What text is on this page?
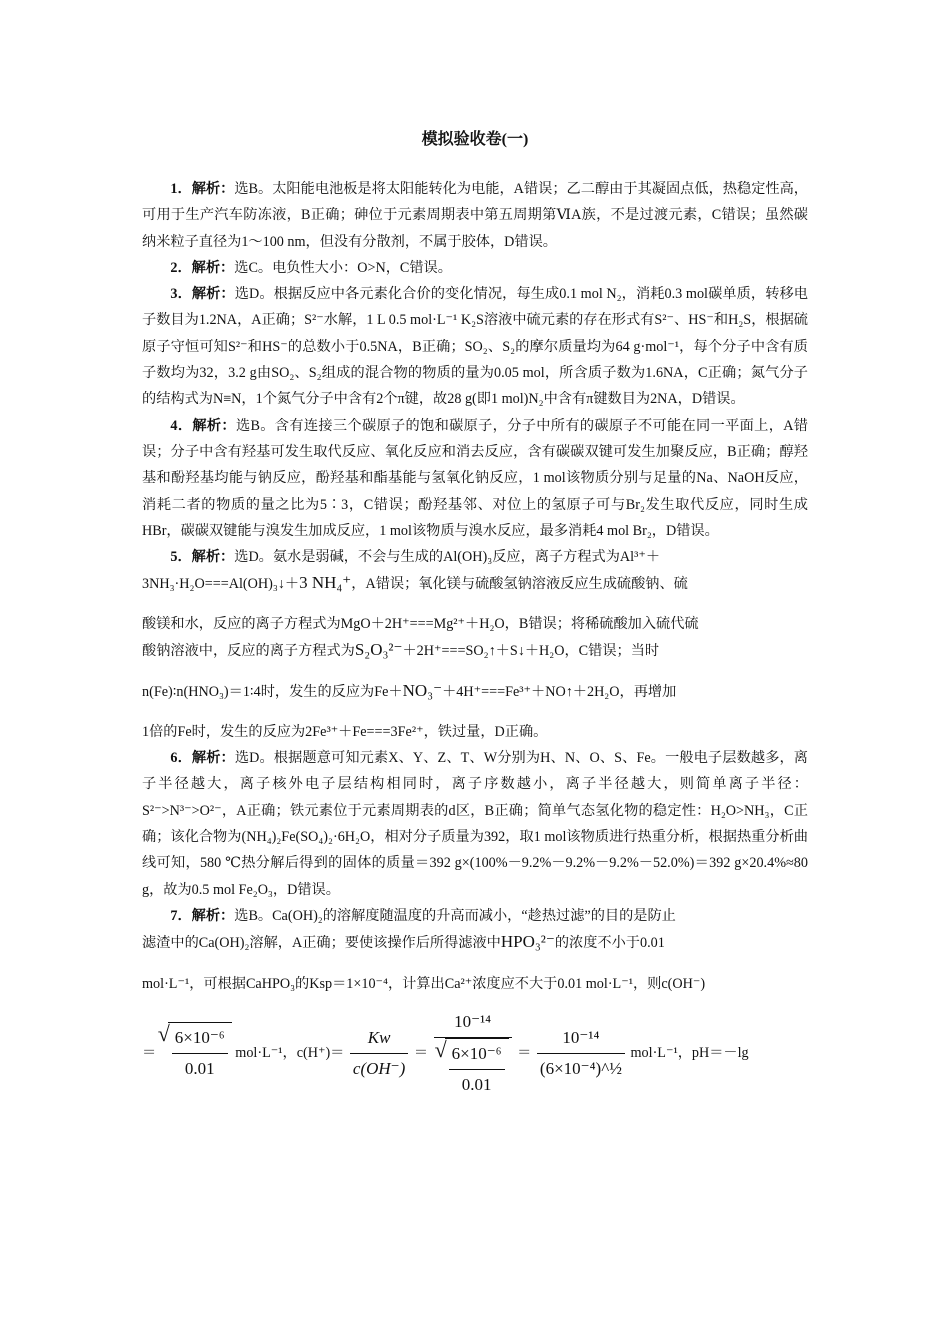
模拟验收卷(一)

1．解析：选B。太阳能电池板是将太阳能转化为电能，A错误；乙二醇由于其凝固点低，热稳定性高，可用于生产汽车防冻液，B正确；砷位于元素周期表中第五周期第ⅥA族，不是过渡元素，C错误；虽然碳纳米粒子直径为1～100 nm，但没有分散剂，不属于胶体，D错误。

2．解析：选C。电负性大小：O>N，C错误。

3．解析：选D。根据反应中各元素化合价的变化情况，每生成0.1 mol N₂，消耗0.3 mol碳单质，转移电子数目为1.2NA，A正确；S²⁻水解，1 L 0.5 mol·L⁻¹ K₂S溶液中硫元素的存在形式有S²⁻、HS⁻和H₂S，根据硫原子守恒可知S²⁻和HS⁻的总数小于0.5NA，B正确；SO₂、S₂的摩尔质量均为64 g·mol⁻¹，每个分子中含有质子数均为32，3.2 g由SO₂、S₂组成的混合物的物质的量为0.05 mol，所含质子数为1.6NA，C正确；氮气分子的结构式为N≡N，1个氮气分子中含有2个π键，故28 g(即1 mol)N₂中含有π键数目为2NA，D错误。

4．解析：选B。含有连接三个碳原子的饱和碳原子，分子中所有的碳原子不可能在同一平面上，A错误；分子中含有羟基可发生取代反应、氧化反应和消去反应，含有碳碳双键可发生加聚反应，B正确；醇羟基和酚羟基均能与钠反应，酚羟基和酯基能与氢氧化钠反应，1 mol该物质分别与足量的Na、NaOH反应，消耗二者的物质的量之比为5∶3，C错误；酚羟基邻、对位上的氢原子可与Br₂发生取代反应，同时生成HBr，碳碳双键能与溴发生加成反应，1 mol该物质与溴水反应，最多消耗4 mol Br₂，D错误。

5．解析：选D。氨水是弱碱，不会与生成的Al(OH)₃反应，离子方程式为Al³⁺＋
3NH₃·H₂O===Al(OH)₃↓＋3 NH₄⁺，A错误；氧化镁与硫酸氢钠溶液反应生成硫酸钠、硫

酸镁和水，反应的离子方程式为MgO＋2H⁺===Mg²⁺＋H₂O，B错误；将稀硫酸加入硫代硫
酸钠溶液中，反应的离子方程式为S₂O₃²⁻＋2H⁺===SO₂↑＋S↓＋H₂O，C错误；当时

n(Fe)∶n(HNO₃)＝1∶4时，发生的反应为Fe＋NO₃⁻＋4H⁺===Fe³⁺＋NO↑＋2H₂O，再增加

1倍的Fe时，发生的反应为2Fe³⁺＋Fe===3Fe²⁺，铁过量，D正确。

6．解析：选D。根据题意可知元素X、Y、Z、T、W分别为H、N、O、S、Fe。一般电子层数越多，离子半径越大，离子核外电子层结构相同时，离子序数越小，离子半径越大，则简单离子半径：S²⁻>N³⁻>O²⁻，A正确；铁元素位于元素周期表的d区，B正确；简单气态氢化物的稳定性：H₂O>NH₃，C正确；该化合物为(NH₄)₂Fe(SO₄)₂·6H₂O，相对分子质量为392，取1 mol该物质进行热重分析，根据热重分析曲线可知，580 ℃热分解后得到的固体的质量＝392 g×(100%－9.2%－9.2%－9.2%－52.0%)＝392 g×20.4%≈80 g，故为0.5 mol Fe₂O₃，D错误。

7．解析：选B。Ca(OH)₂的溶解度随温度的升高而减小，“趁热过滤”的目的是防止
滤渣中的Ca(OH)₂溶解，A正确；要使该操作后所得滤液中HPO₃²⁻的浓度不小于0.01

mol·L⁻¹，可根据CaHPO₃的Ksp＝1×10⁻⁴，计算出Ca²⁺浓度应不大于0.01 mol·L⁻¹，则c(OH⁻)

＝
√ $\frac{\text{6×10⁻⁶}}{0.01} mol\cdot L^{-1}$，$c(H^+)= \frac{Kw}{c(OH^-)} = 10^{-14}$
√ $\frac{\text{6×10⁻⁶}}{0.01} = \frac{\text{10⁻¹⁴}}{\text{(6×10⁻⁴)\textasciicircum{}½}} mol\cdot L^{-1}$，pH＝－lg
